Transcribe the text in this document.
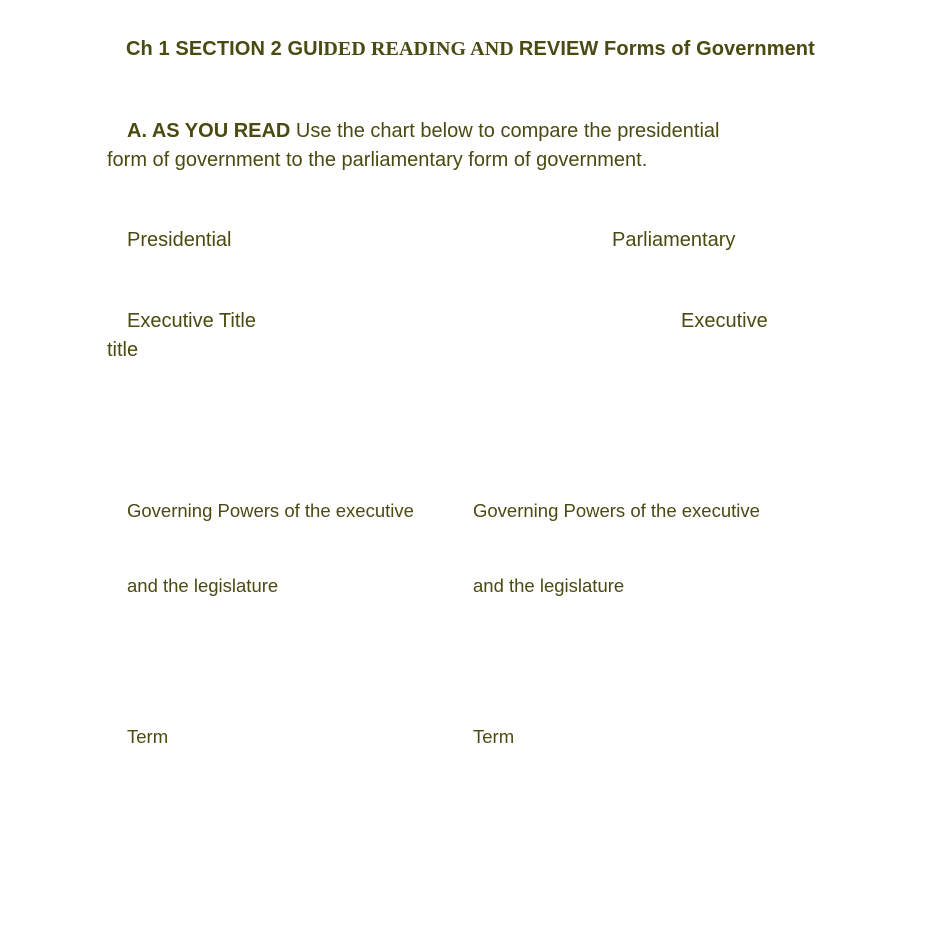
Ch 1 SECTION 2 GUIDED READING AND REVIEW Forms of Government
A. AS YOU READ Use the chart below to compare the presidential
form of government to the parliamentary form of government.
Presidential	Parliamentary
Executive Title	Executive
title
Governing Powers of the executive	Governing Powers of the executive
and the legislature	and the legislature
Term	Term
